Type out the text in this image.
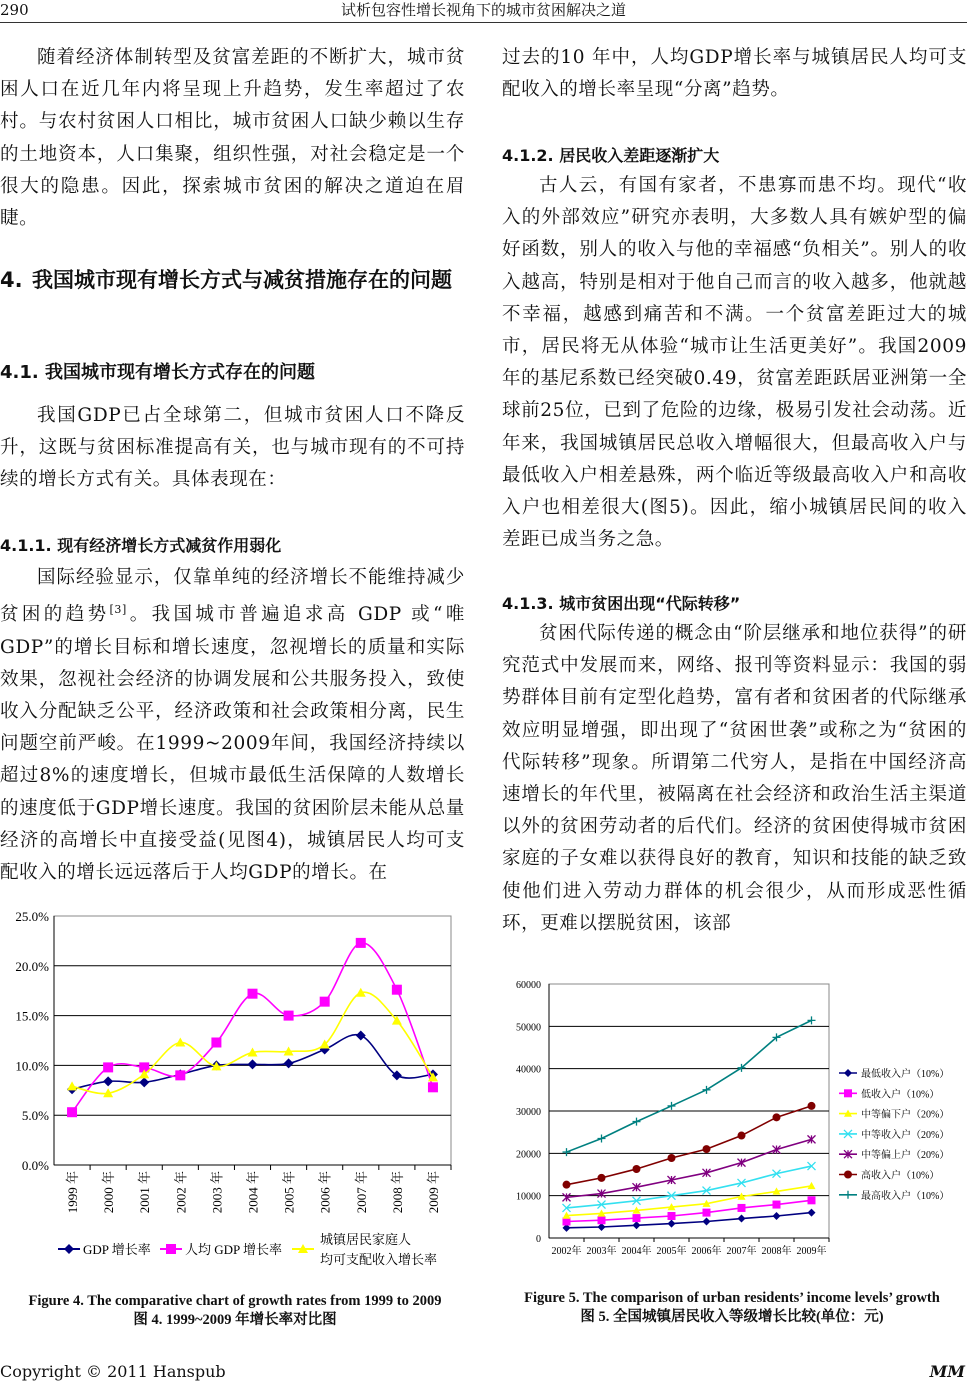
290	试析包容性增长视角下的城市贫困解决之道

随着经济体制转型及贫富差距的不断扩大，城市贫困人口在近几年内将呈现上升趋势，发生率超过了农村。与农村贫困人口相比，城市贫困人口缺少赖以生存的土地资本，人口集聚，组织性强，对社会稳定是一个很大的隐患。因此，探索城市贫困的解决之道迫在眉睫。

4. 我国城市现有增长方式与减贫措施存在的问题
4.1. 我国城市现有增长方式存在的问题

我国GDP已占全球第二，但城市贫困人口不降反升，这既与贫困标准提高有关，也与城市现有的不可持续的增长方式有关。具体表现在：

4.1.1. 现有经济增长方式减贫作用弱化

国际经验显示，仅靠单纯的经济增长不能维持减少贫困的趋势[3]。我国城市普遍追求高 GDP 或“唯GDP”的增长目标和增长速度，忽视增长的质量和实际效果，忽视社会经济的协调发展和公共服务投入，致使收入分配缺乏公平，经济政策和社会政策相分离，民生问题空前严峻。在1999~2009年间，我国经济持续以超过8%的速度增长，但城市最低生活保障的人数增长的速度低于GDP增长速度。我国的贫困阶层未能从总量经济的高增长中直接受益(见图4)，城镇居民人均可支配收入的增长远远落后于人均GDP的增长。在

过去的10 年中，人均GDP增长率与城镇居民人均可支配收入的增长率呈现“分离”趋势。

4.1.2. 居民收入差距逐渐扩大

古人云，有国有家者，不患寡而患不均。现代“收入的外部效应”研究亦表明，大多数人具有嫉妒型的偏好函数，别人的收入与他的幸福感“负相关”。别人的收入越高，特别是相对于他自己而言的收入越多，他就越不幸福，越感到痛苦和不满。一个贫富差距过大的城市，居民将无从体验“城市让生活更美好”。我国2009年的基尼系数已经突破0.49，贫富差距跃居亚洲第一全球前25位，已到了危险的边缘，极易引发社会动荡。近年来，我国城镇居民总收入增幅很大，但最高收入户与最低收入户相差悬殊，两个临近等级最高收入户和高收入户也相差很大(图5)。因此，缩小城镇居民间的收入差距已成当务之急。

4.1.3. 城市贫困出现“代际转移”

贫困代际传递的概念由“阶层继承和地位获得”的研究范式中发展而来，网络、报刊等资料显示：我国的弱势群体目前有定型化趋势，富有者和贫困者的代际继承效应明显增强，即出现了“贫困世袭”或称之为“贫困的代际转移”现象。所谓第二代穷人，是指在中国经济高速增长的年代里，被隔离在社会经济和政治生活主渠道以外的贫困劳动者的后代们。经济的贫困使得城市贫困家庭的子女难以获得良好的教育，知识和技能的缺乏致使他们进入劳动力群体的机会很少，从而形成恶性循环，更难以摆脱贫困，该部

0.0%
5.0%
10.0%
15.0%
20.0%
25.0%
1999 年 2000 年 2001 年 2002 年 2003 年 2004 年 2005 年 2006 年 2007 年 2008 年 2009 年
GDP 增长率	人均 GDP 增长率
城镇居民家庭人
均可支配收入增长率
0
10000
20000
30000
40000
50000
60000
2002年 2003年 2004年 2005年 2006年 2007年 2008年 2009年
最低收入户（10%）
低收入户（10%）
中等偏下户（20%）
中等收入户（20%）
中等偏上户（20%）
高收入户（10%）
最高收入户（10%）
Figure 4. The comparative chart of growth rates from 1999 to 2009
图 4. 1999~2009 年增长率对比图
Figure 5. The comparison of urban residents’ income levels’ growth
图 5. 全国城镇居民收入等级增长比较(单位：元)
Copyright © 2011 Hanspub	MM
